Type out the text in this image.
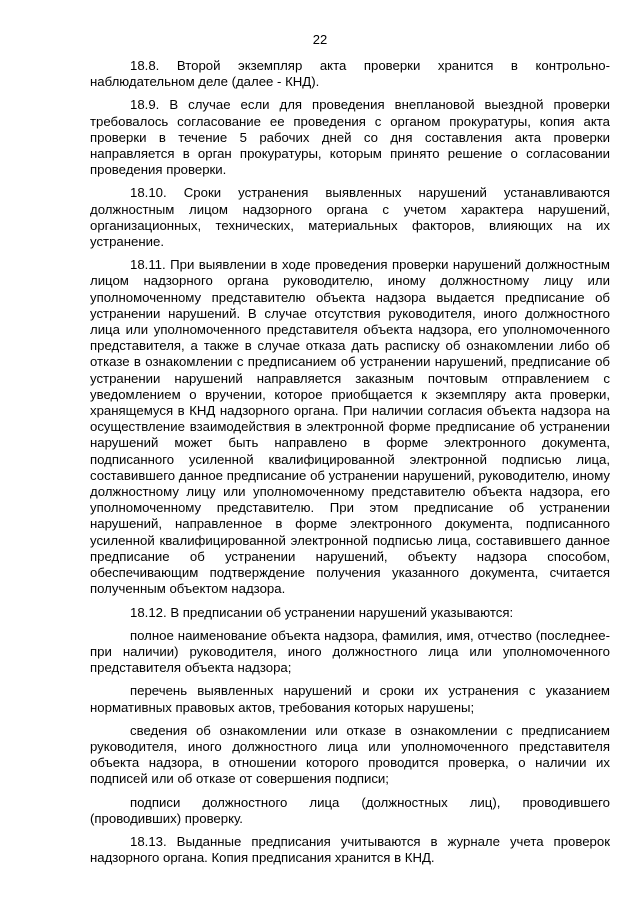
22

18.8. Второй экземпляр акта проверки хранится в контрольно-наблюдательном деле (далее - КНД).

18.9. В случае если для проведения внеплановой выездной проверки требовалось согласование ее проведения с органом прокуратуры, копия акта проверки в течение 5 рабочих дней со дня составления акта проверки направляется в орган прокуратуры, которым принято решение о согласовании проведения проверки.

18.10. Сроки устранения выявленных нарушений устанавливаются должностным лицом надзорного органа с учетом характера нарушений, организационных, технических, материальных факторов, влияющих на их устранение.

18.11. При выявлении в ходе проведения проверки нарушений должностным лицом надзорного органа руководителю, иному должностному лицу или уполномоченному представителю объекта надзора выдается предписание об устранении нарушений. В случае отсутствия руководителя, иного должностного лица или уполномоченного представителя объекта надзора, его уполномоченного представителя, а также в случае отказа дать расписку об ознакомлении либо об отказе в ознакомлении с предписанием об устранении нарушений, предписание об устранении нарушений направляется заказным почтовым отправлением с уведомлением о вручении, которое приобщается к экземпляру акта проверки, хранящемуся в КНД надзорного органа. При наличии согласия объекта надзора на осуществление взаимодействия в электронной форме предписание об устранении нарушений может быть направлено в форме электронного документа, подписанного усиленной квалифицированной электронной подписью лица, составившего данное предписание об устранении нарушений, руководителю, иному должностному лицу или уполномоченному представителю объекта надзора, его уполномоченному представителю. При этом предписание об устранении нарушений, направленное в форме электронного документа, подписанного усиленной квалифицированной электронной подписью лица, составившего данное предписание об устранении нарушений, объекту надзора способом, обеспечивающим подтверждение получения указанного документа, считается полученным объектом надзора.

18.12. В предписании об устранении нарушений указываются:

полное наименование объекта надзора, фамилия, имя, отчество (последнее-при наличии) руководителя, иного должностного лица или уполномоченного представителя объекта надзора;

перечень выявленных нарушений и сроки их устранения с указанием нормативных правовых актов, требования которых нарушены;

сведения об ознакомлении или отказе в ознакомлении с предписанием руководителя, иного должностного лица или уполномоченного представителя объекта надзора, в отношении которого проводится проверка, о наличии их подписей или об отказе от совершения подписи;

подписи должностного лица (должностных лиц), проводившего (проводивших) проверку.

18.13. Выданные предписания учитываются в журнале учета проверок надзорного органа. Копия предписания хранится в КНД.
